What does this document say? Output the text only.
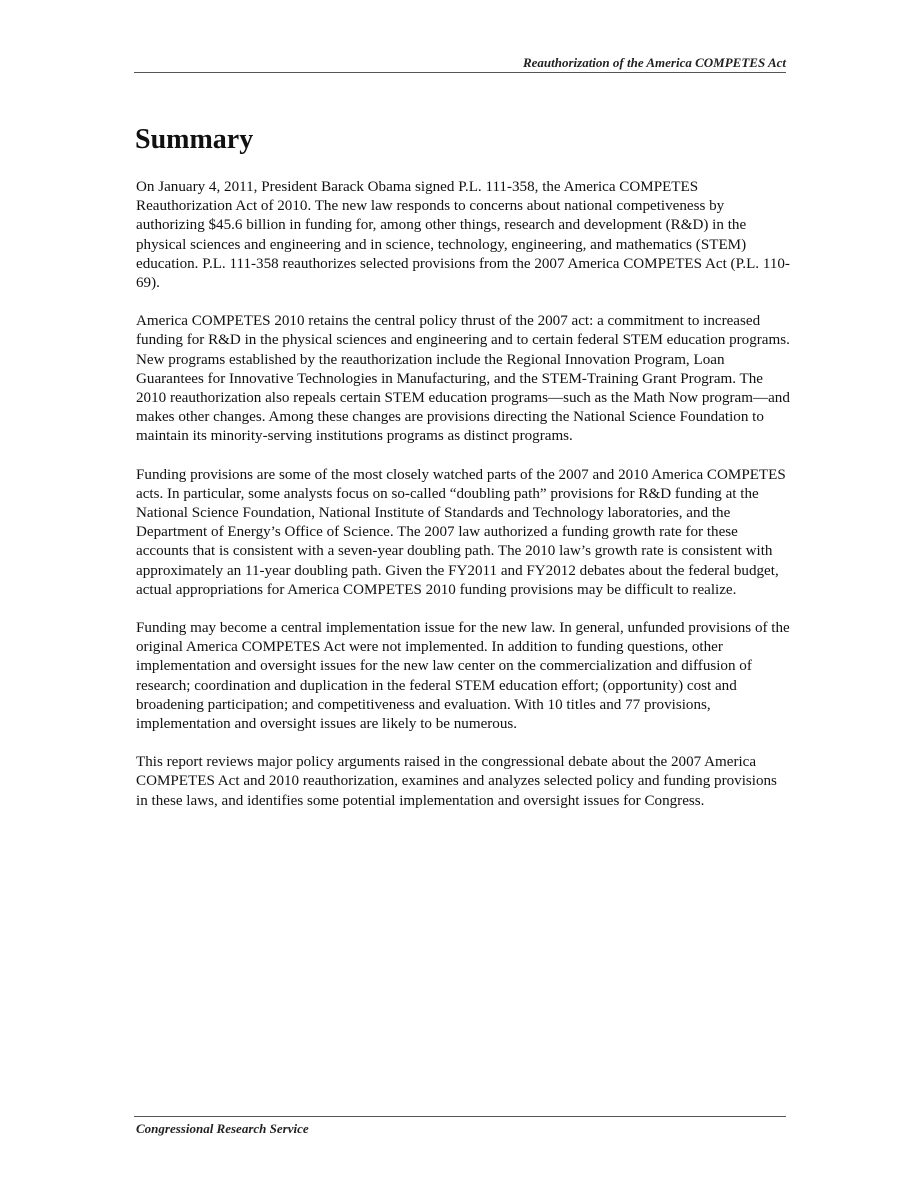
Reauthorization of the America COMPETES Act
Summary

On January 4, 2011, President Barack Obama signed P.L. 111-358, the America COMPETES Reauthorization Act of 2010. The new law responds to concerns about national competiveness by authorizing $45.6 billion in funding for, among other things, research and development (R&D) in the physical sciences and engineering and in science, technology, engineering, and mathematics (STEM) education. P.L. 111-358 reauthorizes selected provisions from the 2007 America COMPETES Act (P.L. 110-69).

America COMPETES 2010 retains the central policy thrust of the 2007 act: a commitment to increased funding for R&D in the physical sciences and engineering and to certain federal STEM education programs. New programs established by the reauthorization include the Regional Innovation Program, Loan Guarantees for Innovative Technologies in Manufacturing, and the STEM-Training Grant Program. The 2010 reauthorization also repeals certain STEM education programs—such as the Math Now program—and makes other changes. Among these changes are provisions directing the National Science Foundation to maintain its minority-serving institutions programs as distinct programs.

Funding provisions are some of the most closely watched parts of the 2007 and 2010 America COMPETES acts. In particular, some analysts focus on so-called “doubling path” provisions for R&D funding at the National Science Foundation, National Institute of Standards and Technology laboratories, and the Department of Energy’s Office of Science. The 2007 law authorized a funding growth rate for these accounts that is consistent with a seven-year doubling path. The 2010 law’s growth rate is consistent with approximately an 11-year doubling path. Given the FY2011 and FY2012 debates about the federal budget, actual appropriations for America COMPETES 2010 funding provisions may be difficult to realize.

Funding may become a central implementation issue for the new law. In general, unfunded provisions of the original America COMPETES Act were not implemented. In addition to funding questions, other implementation and oversight issues for the new law center on the commercialization and diffusion of research; coordination and duplication in the federal STEM education effort; (opportunity) cost and broadening participation; and competitiveness and evaluation. With 10 titles and 77 provisions, implementation and oversight issues are likely to be numerous.

This report reviews major policy arguments raised in the congressional debate about the 2007 America COMPETES Act and 2010 reauthorization, examines and analyzes selected policy and funding provisions in these laws, and identifies some potential implementation and oversight issues for Congress.

Congressional Research Service
